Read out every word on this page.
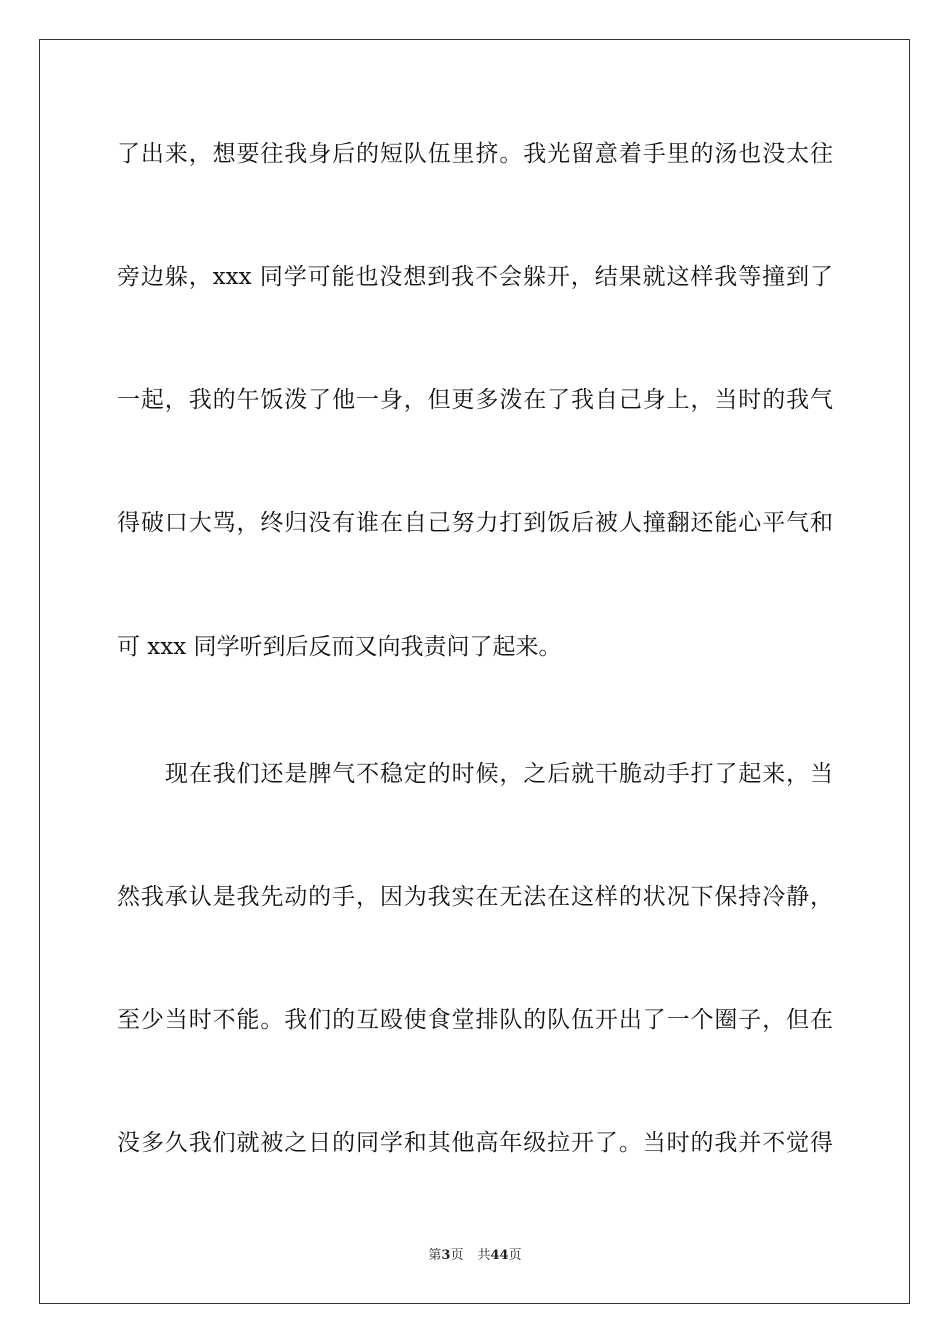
了出来，想要往我身后的短队伍里挤。我光留意着手里的汤也没太往
旁边躲，xxx 同学可能也没想到我不会躲开，结果就这样我等撞到了
一起，我的午饭泼了他一身，但更多泼在了我自己身上，当时的我气
得破口大骂，终归没有谁在自己努力打到饭后被人撞翻还能心平气和
可 xxx 同学听到后反而又向我责问了起来。
现在我们还是脾气不稳定的时候，之后就干脆动手打了起来，当
然我承认是我先动的手，因为我实在无法在这样的状况下保持冷静，
至少当时不能。我们的互殴使食堂排队的队伍开出了一个圈子，但在
没多久我们就被之日的同学和其他高年级拉开了。当时的我并不觉得
第3页 共44页
